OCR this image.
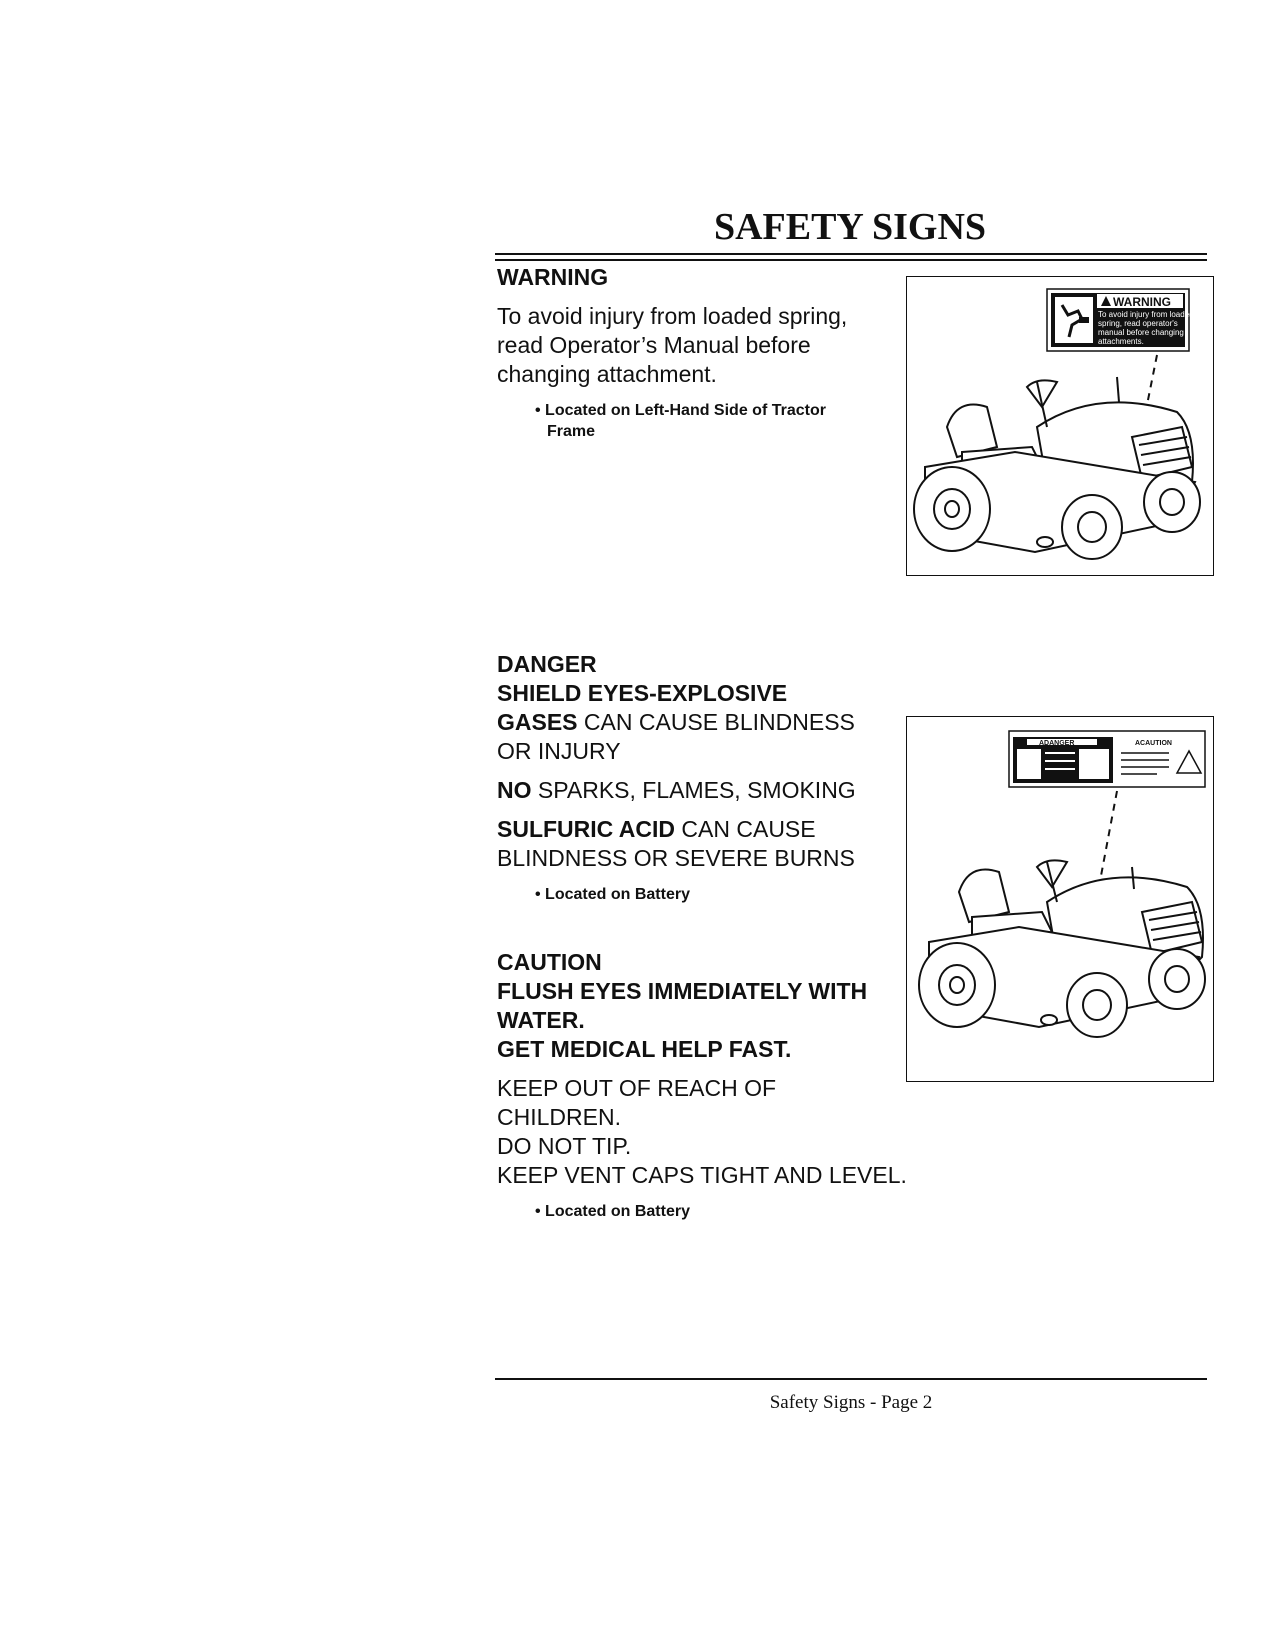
SAFETY SIGNS

WARNING

To avoid injury from loaded spring,

read Operator’s Manual before

changing attachment.

• Located on Left-Hand Side of Tractor
Frame

WARNING
To avoid injury from loaded
spring, read operator's
manual before changing
attachments.

DANGER

SHIELD EYES-EXPLOSIVE

GASES CAN CAUSE BLINDNESS

OR INJURY

NO SPARKS, FLAMES, SMOKING

SULFURIC ACID CAN CAUSE

BLINDNESS OR SEVERE BURNS

• Located on Battery

ADANGER	ACAUTION

CAUTION

FLUSH EYES IMMEDIATELY WITH

WATER.

GET MEDICAL HELP FAST.

KEEP OUT OF REACH OF

CHILDREN.

DO NOT TIP.

KEEP VENT CAPS TIGHT AND LEVEL.

• Located on Battery

Safety Signs - Page 2
